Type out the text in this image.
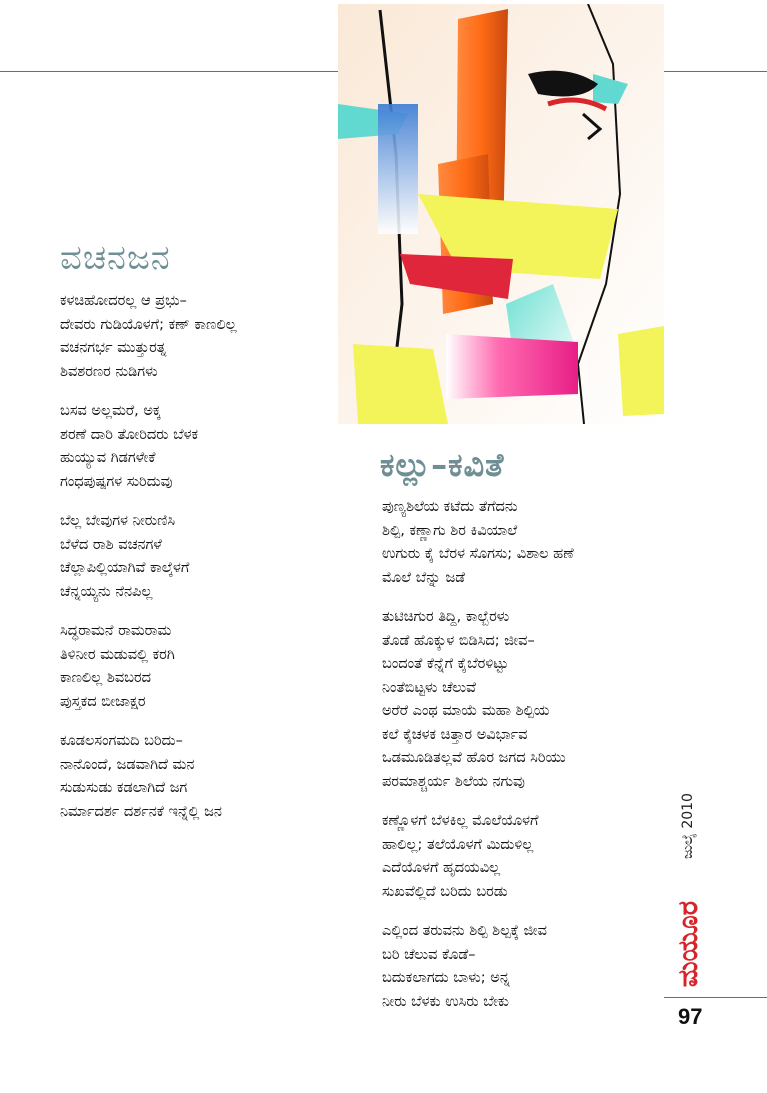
ವಚನಜನ

ಕಳಚಿಹೋದರಲ್ಲ ಆ ಪ್ರಭು–
ದೇವರು ಗುಡಿಯೊಳಗೆ; ಕಣ್ ಕಾಣಲಿಲ್ಲ
ವಚನಗರ್ಭ ಮುತ್ತುರತ್ನ
ಶಿವಶರಣರ ನುಡಿಗಳು

ಬಸವ ಅಲ್ಲಮರೆ, ಅಕ್ಕ
ಶರಣೆ ದಾರಿ ತೋರಿದರು ಬೆಳಕ
ಹುಯ್ಯುವ ಗಿಡಗಳೇಕೆ
ಗಂಧಪುಷ್ಪಗಳ ಸುರಿದುವು

ಬೆಲ್ಲ ಬೇವುಗಳ ನೀರುಣಿಸಿ
ಬೆಳೆದ ರಾಶಿ ವಚನಗಳೆ
ಚೆಲ್ಲಾಪಿಲ್ಲಿಯಾಗಿವೆ ಕಾಲ್ಕೆಳಗೆ
ಚೆನ್ನಯ್ಯನು ನೆನಪಿಲ್ಲ

ಸಿದ್ಧರಾಮನೆ ರಾಮರಾಮ
ತಿಳಿನೀರ ಮಡುವಲ್ಲಿ ಕರಗಿ
ಕಾಣಲಿಲ್ಲ ಶಿವಬರದ
ಪುಸ್ತಕದ ಬೀಜಾಕ್ಷರ

ಕೂಡಲಸಂಗಮದಿ ಬರಿದು–
ನಾನೊಂದೆ, ಜಡವಾಗಿದೆ ಮನ
ಸುಡುಸುಡು ಕಡಲಾಗಿದೆ ಜಗ
ನಿರ್ಮಾದರ್ಶ ದರ್ಶನಕೆ ಇನ್ನೆಲ್ಲಿ ಜನ

ಕಲ್ಲು–ಕವಿತೆ

ಪುಣ್ಯಶಿಲೆಯ ಕಟೆದು ತೆಗೆದನು
ಶಿಲ್ಪಿ, ಕಣ್ಣಾಗು ಶಿರ ಕಿವಿಯಾಲೆ
ಉಗುರು ಕೈ ಬೆರಳ ಸೊಗಸು; ವಿಶಾಲ ಹಣೆ
ಮೊಲೆ ಬೆನ್ನು ಜಡೆ

ತುಟಿಚಿಗುರ ತಿದ್ದಿ, ಕಾಲ್ಬೆರಳು
ತೊಡೆ ಹೊಕ್ಕುಳ ಬಿಡಿಸಿದ; ಜೀವ–
ಬಂದಂತೆ ಕೆನ್ನೆಗೆ ಕೈಬೆರಳಿಟ್ಟು
ನಿಂತೆಬಿಟ್ಟಳು ಚೆಲುವೆ
ಅರೆರೆ ಎಂಥ ಮಾಯೆ ಮಹಾ ಶಿಲ್ಪಿಯ
ಕಲೆ ಕೈಚಳಕ ಚಿತ್ತಾರ ಅವಿರ್ಭಾವ
ಒಡಮೂಡಿತಲ್ಲವೆ ಹೊರ ಜಗದ ಸಿರಿಯು
ಪರಮಾಶ್ಚರ್ಯ ಶಿಲೆಯ ನಗುವು

ಕಣ್ಣೊಳಗೆ ಬೆಳಕಿಲ್ಲ ಮೊಲೆಯೊಳಗೆ
ಹಾಲಿಲ್ಲ; ತಲೆಯೊಳಗೆ ಮಿದುಳಿಲ್ಲ
ಎದೆಯೊಳಗೆ ಹೃದಯವಿಲ್ಲ
ಸುಖವೆಲ್ಲಿದೆ ಬರಿದು ಬರಡು

ಎಲ್ಲಿಂದ ತರುವನು ಶಿಲ್ಪಿ ಶಿಲ್ಪಕ್ಕೆ ಜೀವ
ಬರಿ ಚೆಲುವ ಕೊಡೆ–
ಬದುಕಲಾಗದು ಬಾಳು; ಅನ್ನ
ನೀರು ಬೆಳಕು ಉಸಿರು ಬೇಕು

ಜುಲೈ 2010
ಮಯೂರ
97
